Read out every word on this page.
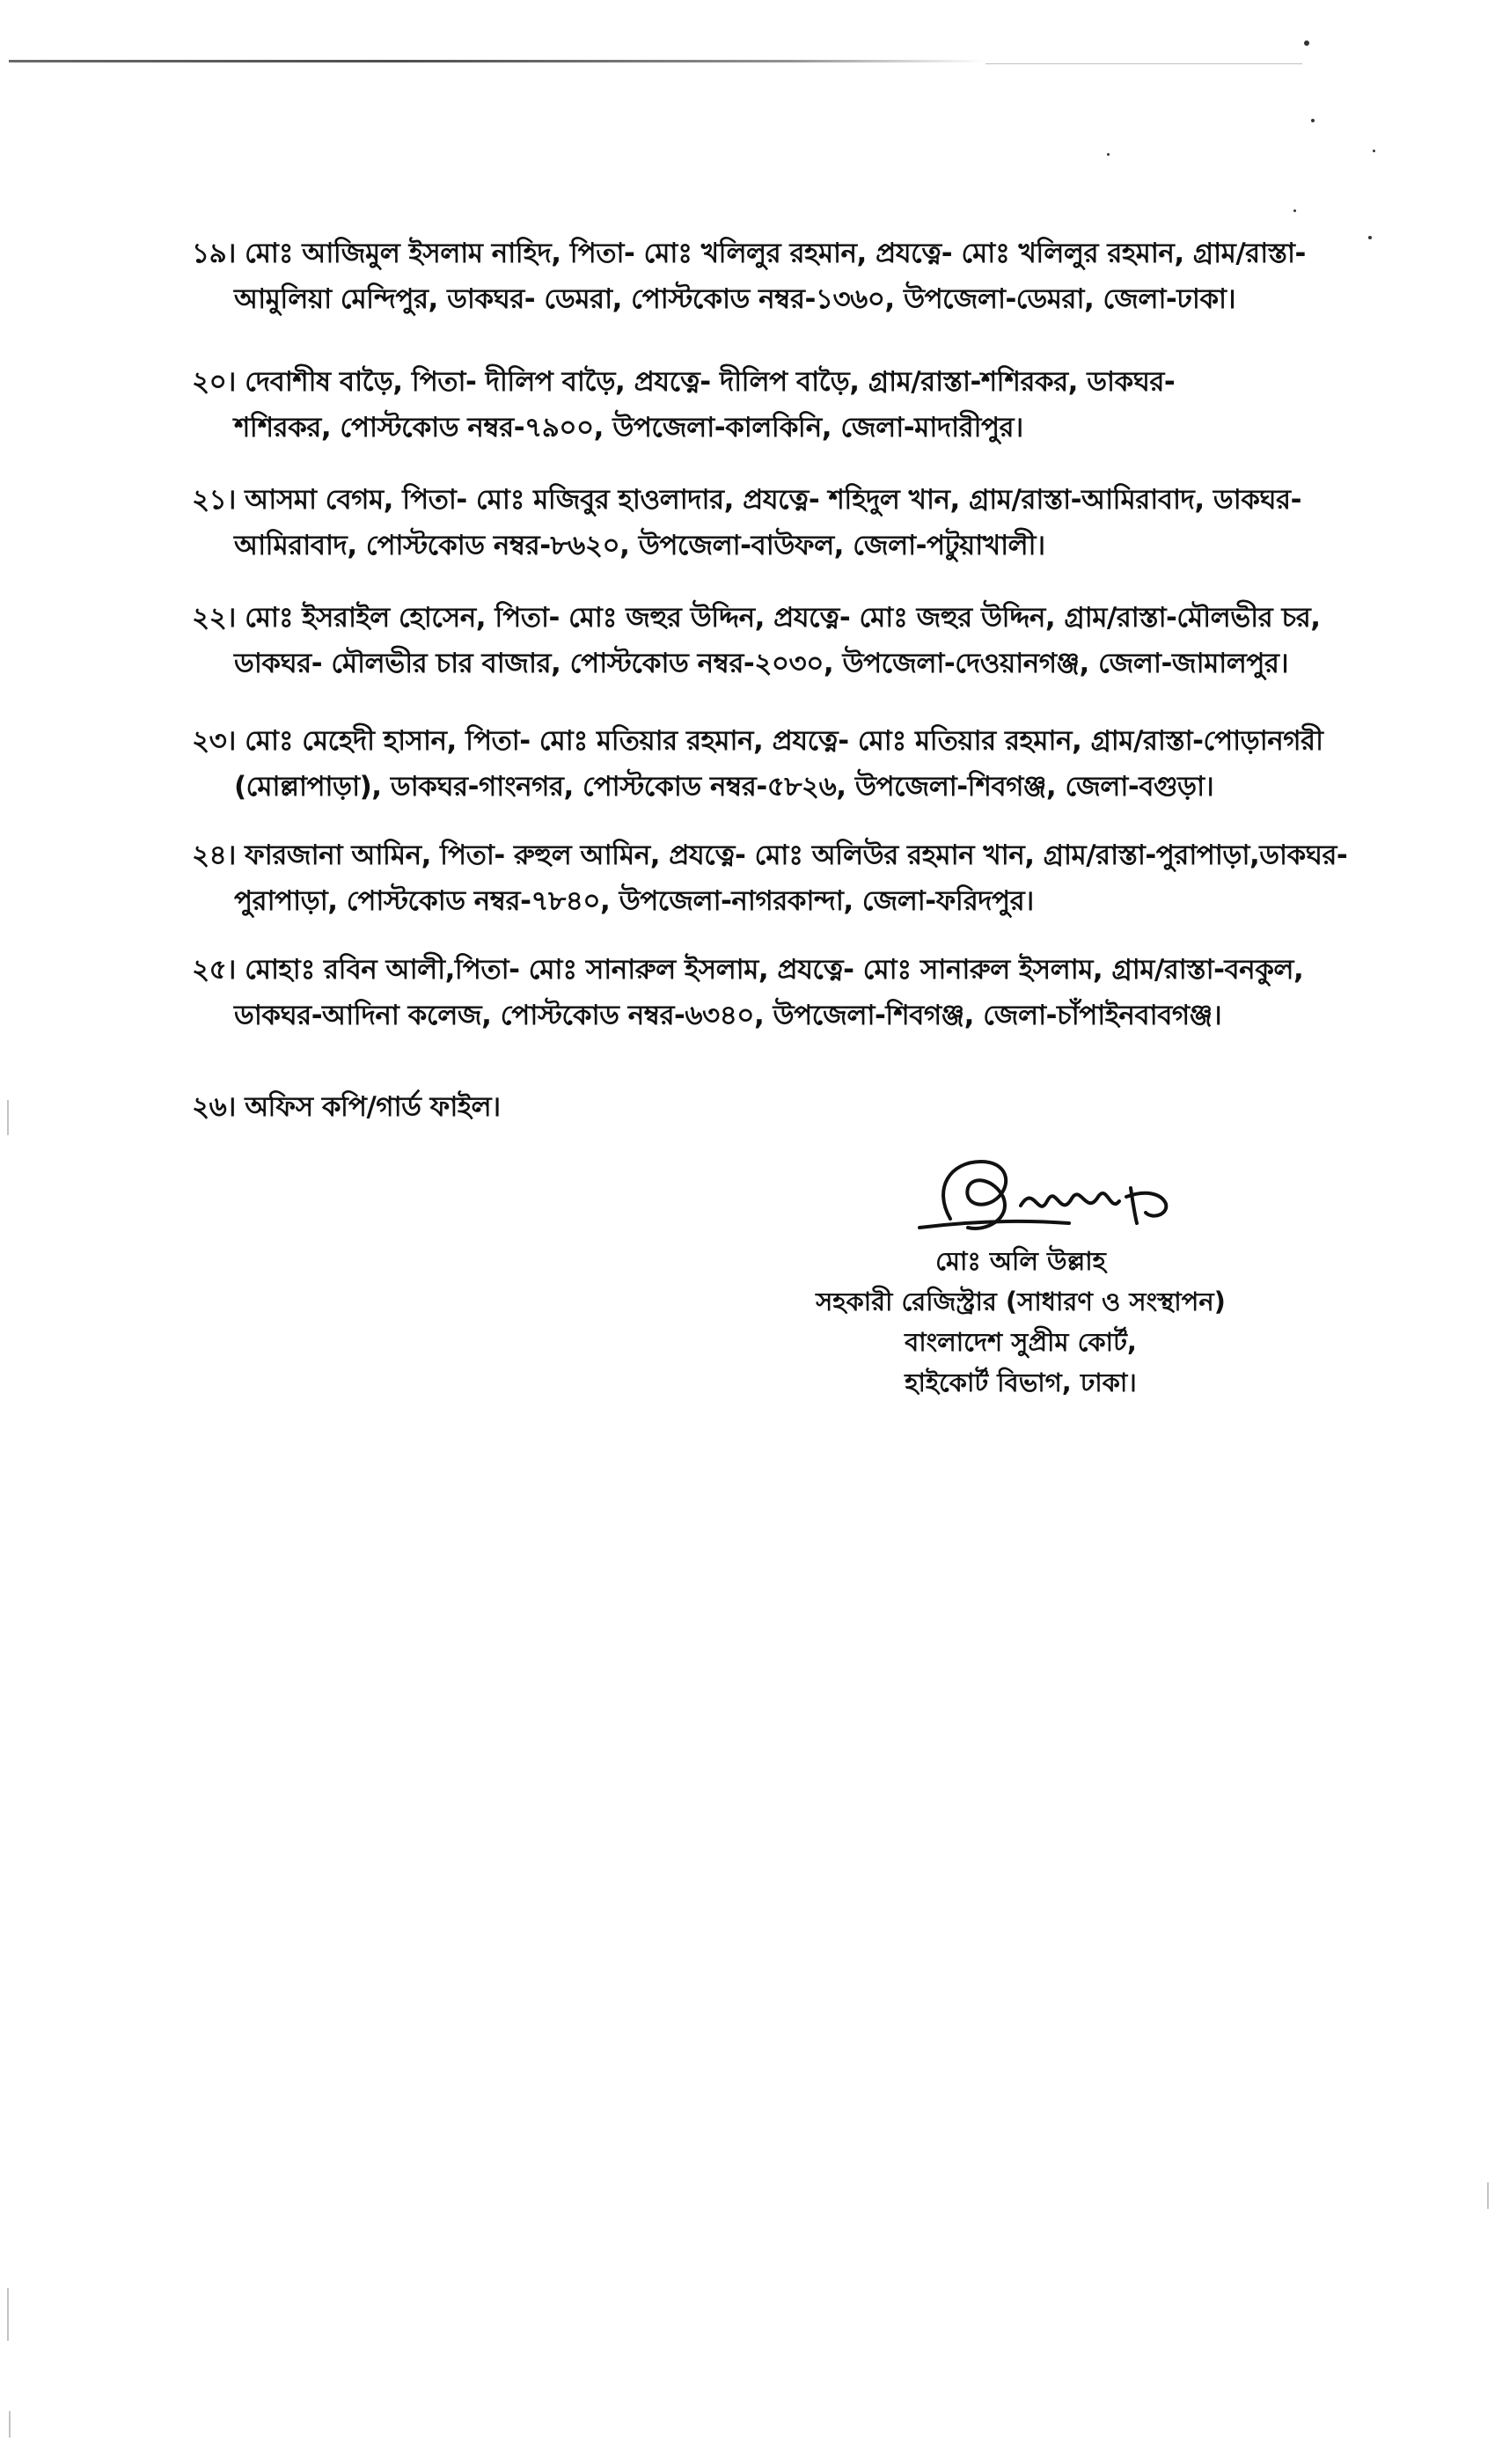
১৯। মোঃ আজিমুল ইসলাম নাহিদ, পিতা- মোঃ খলিলুর রহমান, প্রযত্নে- মোঃ খলিলুর রহমান, গ্রাম/রাস্তা-
আমুলিয়া মেন্দিপুর, ডাকঘর- ডেমরা, পোস্টকোড নম্বর-১৩৬০, উপজেলা-ডেমরা, জেলা-ঢাকা।
২০। দেবাশীষ বাড়ৈ, পিতা- দীলিপ বাড়ৈ, প্রযত্নে- দীলিপ বাড়ৈ, গ্রাম/রাস্তা-শশিরকর, ডাকঘর-
শশিরকর, পোস্টকোড নম্বর-৭৯০০, উপজেলা-কালকিনি, জেলা-মাদারীপুর।
২১। আসমা বেগম, পিতা- মোঃ মজিবুর হাওলাদার, প্রযত্নে- শহিদুল খান, গ্রাম/রাস্তা-আমিরাবাদ, ডাকঘর-
আমিরাবাদ, পোস্টকোড নম্বর-৮৬২০, উপজেলা-বাউফল, জেলা-পটুয়াখালী।
২২। মোঃ ইসরাইল হোসেন, পিতা- মোঃ জহুর উদ্দিন, প্রযত্নে- মোঃ জহুর উদ্দিন, গ্রাম/রাস্তা-মৌলভীর চর,
ডাকঘর- মৌলভীর চার বাজার, পোস্টকোড নম্বর-২০৩০, উপজেলা-দেওয়ানগঞ্জ, জেলা-জামালপুর।
২৩। মোঃ মেহেদী হাসান, পিতা- মোঃ মতিয়ার রহমান, প্রযত্নে- মোঃ মতিয়ার রহমান, গ্রাম/রাস্তা-পোড়ানগরী
(মোল্লাপাড়া), ডাকঘর-গাংনগর, পোস্টকোড নম্বর-৫৮২৬, উপজেলা-শিবগঞ্জ, জেলা-বগুড়া।
২৪। ফারজানা আমিন, পিতা- রুহুল আমিন, প্রযত্নে- মোঃ অলিউর রহমান খান, গ্রাম/রাস্তা-পুরাপাড়া,ডাকঘর-
পুরাপাড়া, পোস্টকোড নম্বর-৭৮৪০, উপজেলা-নাগরকান্দা, জেলা-ফরিদপুর।
২৫। মোহাঃ রবিন আলী,পিতা- মোঃ সানারুল ইসলাম, প্রযত্নে- মোঃ সানারুল ইসলাম, গ্রাম/রাস্তা-বনকুল,
ডাকঘর-আদিনা কলেজ, পোস্টকোড নম্বর-৬৩৪০, উপজেলা-শিবগঞ্জ, জেলা-চাঁপাইনবাবগঞ্জ।
২৬। অফিস কপি/গার্ড ফাইল।
মোঃ অলি উল্লাহ
সহকারী রেজিস্ট্রার (সাধারণ ও সংস্থাপন)
বাংলাদেশ সুপ্রীম কোর্ট,
হাইকোর্ট বিভাগ, ঢাকা।
